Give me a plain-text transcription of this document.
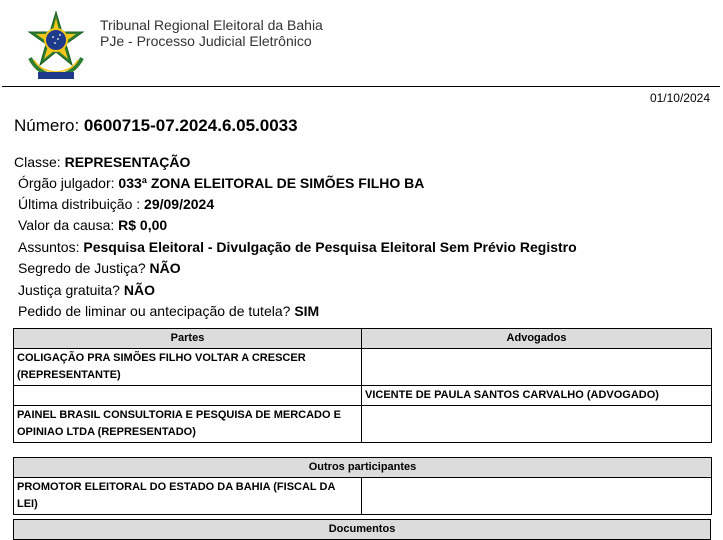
Tribunal Regional Eleitoral da Bahia
PJe - Processo Judicial Eletrônico
01/10/2024
Número: 0600715-07.2024.6.05.0033
Classe: REPRESENTAÇÃO
Órgão julgador: 033ª ZONA ELEITORAL DE SIMÕES FILHO BA
Última distribuição : 29/09/2024
Valor da causa: R$ 0,00
Assuntos: Pesquisa Eleitoral - Divulgação de Pesquisa Eleitoral Sem Prévio Registro
Segredo de Justiça? NÃO
Justiça gratuita? NÃO
Pedido de liminar ou antecipação de tutela? SIM
Partes	Advogados
COLIGAÇÃO PRA SIMÕES FILHO VOLTAR A CRESCER (REPRESENTANTE)	
	VICENTE DE PAULA SANTOS CARVALHO (ADVOGADO)
PAINEL BRASIL CONSULTORIA E PESQUISA DE MERCADO E OPINIAO LTDA (REPRESENTADO)	
Outros participantes
PROMOTOR ELEITORAL DO ESTADO DA BAHIA (FISCAL DA LEI)	
Documentos
